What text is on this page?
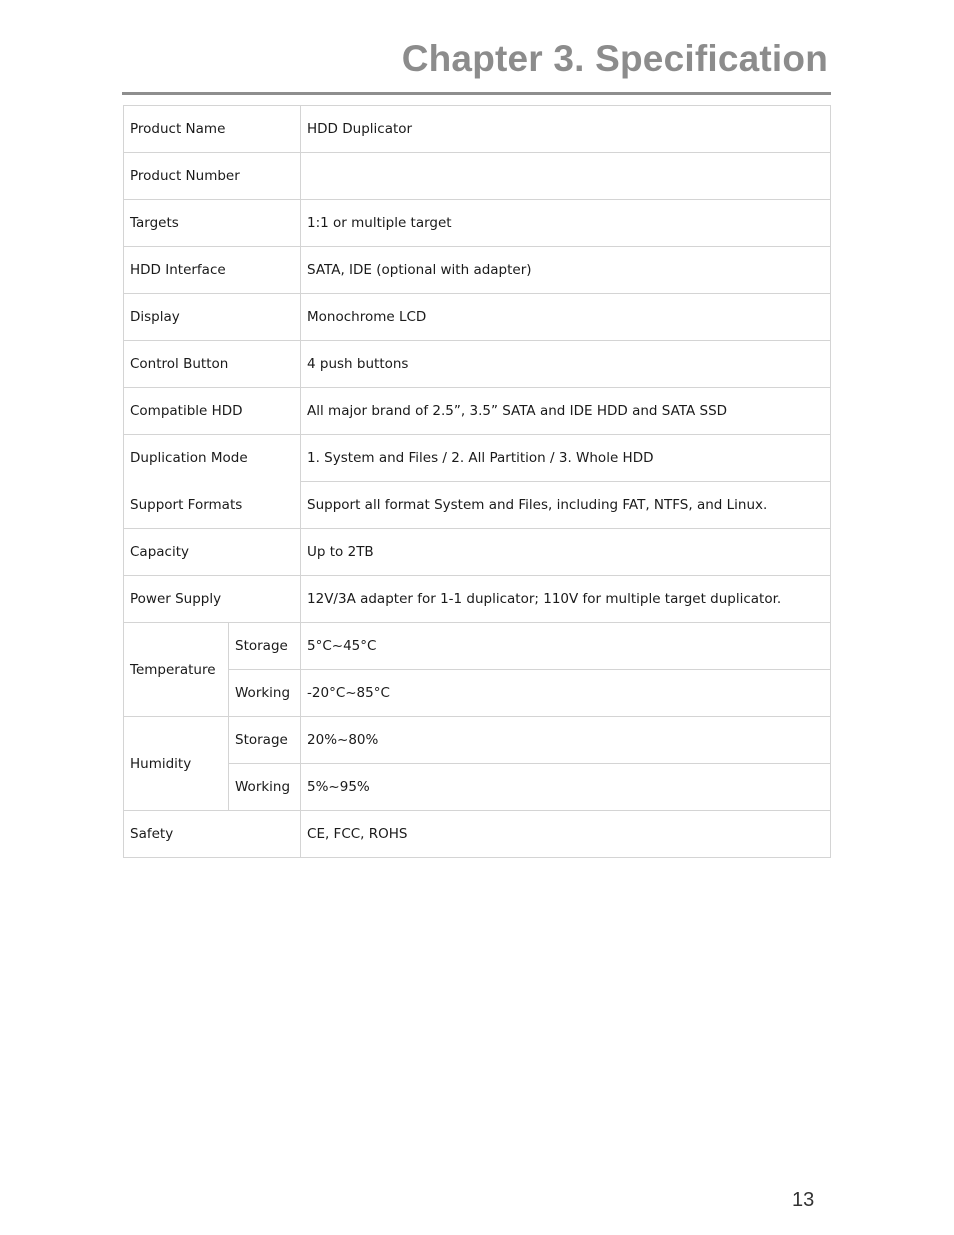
Chapter 3. Specification
Product Name		HDD Duplicator
Product Number		
Targets		1:1 or multiple target
HDD Interface		SATA, IDE (optional with adapter)
Display		Monochrome LCD
Control Button		4 push buttons
Compatible HDD		All major brand of 2.5”, 3.5” SATA and IDE HDD and SATA SSD
Duplication Mode		1. System and Files / 2. All Partition / 3. Whole HDD
Support Formats		Support all format System and Files, including FAT, NTFS, and Linux.
Capacity		Up to 2TB
Power Supply		12V/3A adapter for 1-1 duplicator; 110V for multiple target duplicator.
Temperature	Storage	5°C~45°C
	Working	-20°C~85°C
Humidity	Storage	20%~80%
	Working	5%~95%
Safety		CE, FCC, ROHS
13
